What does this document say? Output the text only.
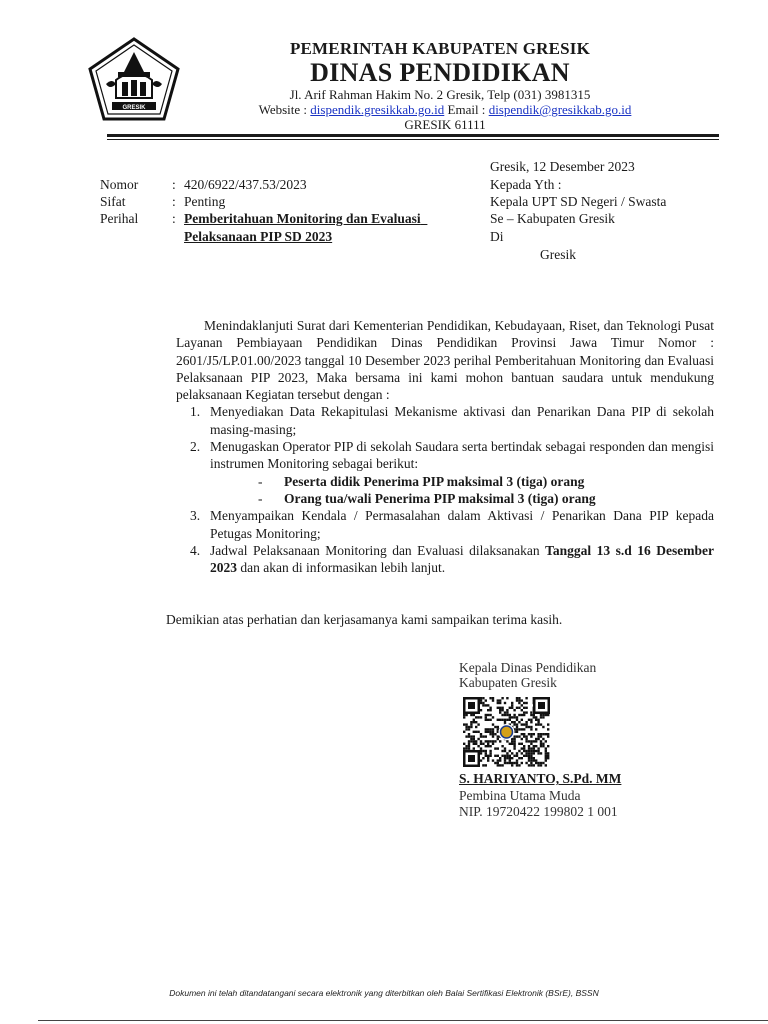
GRESIK
PEMERINTAH KABUPATEN GRESIK
DINAS PENDIDIKAN
Jl. Arif Rahman Hakim No. 2 Gresik, Telp (031) 3981315
Website : dispendik.gresikkab.go.id Email : dispendik@gresikkab.go.id
GRESIK 61111
Nomor	: 420/6922/437.53/2023
Sifat	: Penting
Perihal	: Pemberitahuan Monitoring dan Evaluasi
Pelaksanaan PIP SD 2023
Gresik, 12 Desember 2023
Kepada Yth :
Kepala UPT SD Negeri / Swasta
Se – Kabupaten Gresik
Di
Gresik

Menindaklanjuti Surat dari Kementerian Pendidikan, Kebudayaan, Riset, dan Teknologi Pusat Layanan Pembiayaan Pendidikan Dinas Pendidikan Provinsi Jawa Timur Nomor : 2601/J5/LP.01.00/2023 tanggal 10 Desember 2023 perihal Pemberitahuan Monitoring dan Evaluasi Pelaksanaan PIP 2023, Maka bersama ini kami mohon bantuan saudara untuk mendukung pelaksanaan Kegiatan tersebut dengan :

1. Menyediakan Data Rekapitulasi Mekanisme aktivasi dan Penarikan Dana PIP di sekolah masing-masing;
2. Menugaskan Operator PIP di sekolah Saudara serta bertindak sebagai responden dan mengisi instrumen Monitoring sebagai berikut:
- Peserta didik Penerima PIP maksimal 3 (tiga) orang
- Orang tua/wali Penerima PIP maksimal 3 (tiga) orang
3. Menyampaikan Kendala / Permasalahan dalam Aktivasi / Penarikan Dana PIP kepada Petugas Monitoring;
4. Jadwal Pelaksanaan Monitoring dan Evaluasi dilaksanakan Tanggal 13 s.d 16 Desember 2023 dan akan di informasikan lebih lanjut.
Demikian atas perhatian dan kerjasamanya kami sampaikan terima kasih.
Kepala Dinas Pendidikan
Kabupaten Gresik
S. HARIYANTO, S.Pd. MM
Pembina Utama Muda
NIP. 19720422 199802 1 001
Dokumen ini telah ditandatangani secara elektronik yang diterbitkan oleh Balai Sertifikasi Elektronik (BSrE), BSSN
